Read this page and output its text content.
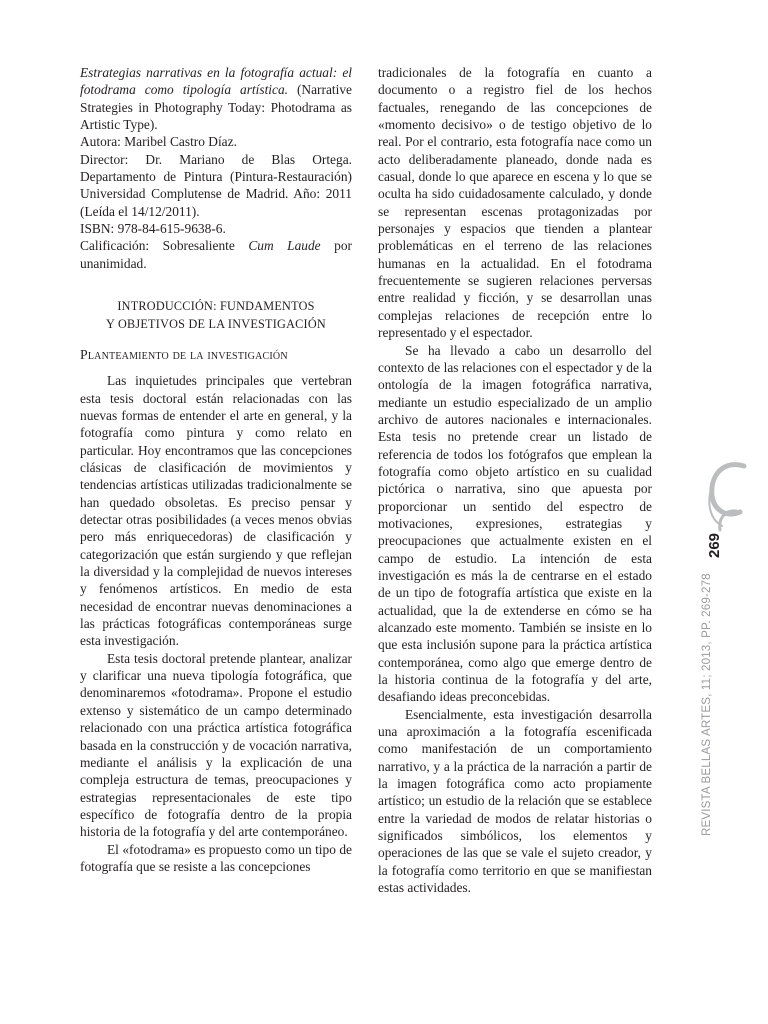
Estrategias narrativas en la fotografía actual: el fotodrama como tipología artística. (Narrative Strategies in Photography Today: Photodrama as Artistic Type).
Autora: Maribel Castro Díaz.
Director: Dr. Mariano de Blas Ortega. Departamento de Pintura (Pintura-Restauración) Universidad Complutense de Madrid. Año: 2011 (Leída el 14/12/2011).
ISBN: 978-84-615-9638-6.
Calificación: Sobresaliente Cum Laude por unanimidad.

INTRODUCCIÓN: FUNDAMENTOS
Y OBJETIVOS DE LA INVESTIGACIÓN

Planteamiento de la investigación

Las inquietudes principales que vertebran esta tesis doctoral están relacionadas con las nuevas formas de entender el arte en general, y la fotografía como pintura y como relato en particular. Hoy encontramos que las concepciones clásicas de clasificación de movimientos y tendencias artísticas utilizadas tradicionalmente se han quedado obsoletas. Es preciso pensar y detectar otras posibilidades (a veces menos obvias pero más enriquecedoras) de clasificación y categorización que están surgiendo y que reflejan la diversidad y la complejidad de nuevos intereses y fenómenos artísticos. En medio de esta necesidad de encontrar nuevas denominaciones a las prácticas fotográficas contemporáneas surge esta investigación.

Esta tesis doctoral pretende plantear, analizar y clarificar una nueva tipología fotográfica, que denominaremos «fotodrama». Propone el estudio extenso y sistemático de un campo determinado relacionado con una práctica artística fotográfica basada en la construcción y de vocación narrativa, mediante el análisis y la explicación de una compleja estructura de temas, preocupaciones y estrategias representacionales de este tipo específico de fotografía dentro de la propia historia de la fotografía y del arte contemporáneo.

El «fotodrama» es propuesto como un tipo de fotografía que se resiste a las concepciones

tradicionales de la fotografía en cuanto a documento o a registro fiel de los hechos factuales, renegando de las concepciones de «momento decisivo» o de testigo objetivo de lo real. Por el contrario, esta fotografía nace como un acto deliberadamente planeado, donde nada es casual, donde lo que aparece en escena y lo que se oculta ha sido cuidadosamente calculado, y donde se representan escenas protagonizadas por personajes y espacios que tienden a plantear problemáticas en el terreno de las relaciones humanas en la actualidad. En el fotodrama frecuentemente se sugieren relaciones perversas entre realidad y ficción, y se desarrollan unas complejas relaciones de recepción entre lo representado y el espectador.

Se ha llevado a cabo un desarrollo del contexto de las relaciones con el espectador y de la ontología de la imagen fotográfica narrativa, mediante un estudio especializado de un amplio archivo de autores nacionales e internacionales. Esta tesis no pretende crear un listado de referencia de todos los fotógrafos que emplean la fotografía como objeto artístico en su cualidad pictórica o narrativa, sino que apuesta por proporcionar un sentido del espectro de motivaciones, expresiones, estrategias y preocupaciones que actualmente existen en el campo de estudio. La intención de esta investigación es más la de centrarse en el estado de un tipo de fotografía artística que existe en la actualidad, que la de extenderse en cómo se ha alcanzado este momento. También se insiste en lo que esta inclusión supone para la práctica artística contemporánea, como algo que emerge dentro de la historia continua de la fotografía y del arte, desafiando ideas preconcebidas.

Esencialmente, esta investigación desarrolla una aproximación a la fotografía escenificada como manifestación de un comportamiento narrativo, y a la práctica de la narración a partir de la imagen fotográfica como acto propiamente artístico; un estudio de la relación que se establece entre la variedad de modos de relatar historias o significados simbólicos, los elementos y operaciones de las que se vale el sujeto creador, y la fotografía como territorio en que se manifiestan estas actividades.

269
REVISTA BELLAS ARTES, 11; 2013, PP. 269-278
